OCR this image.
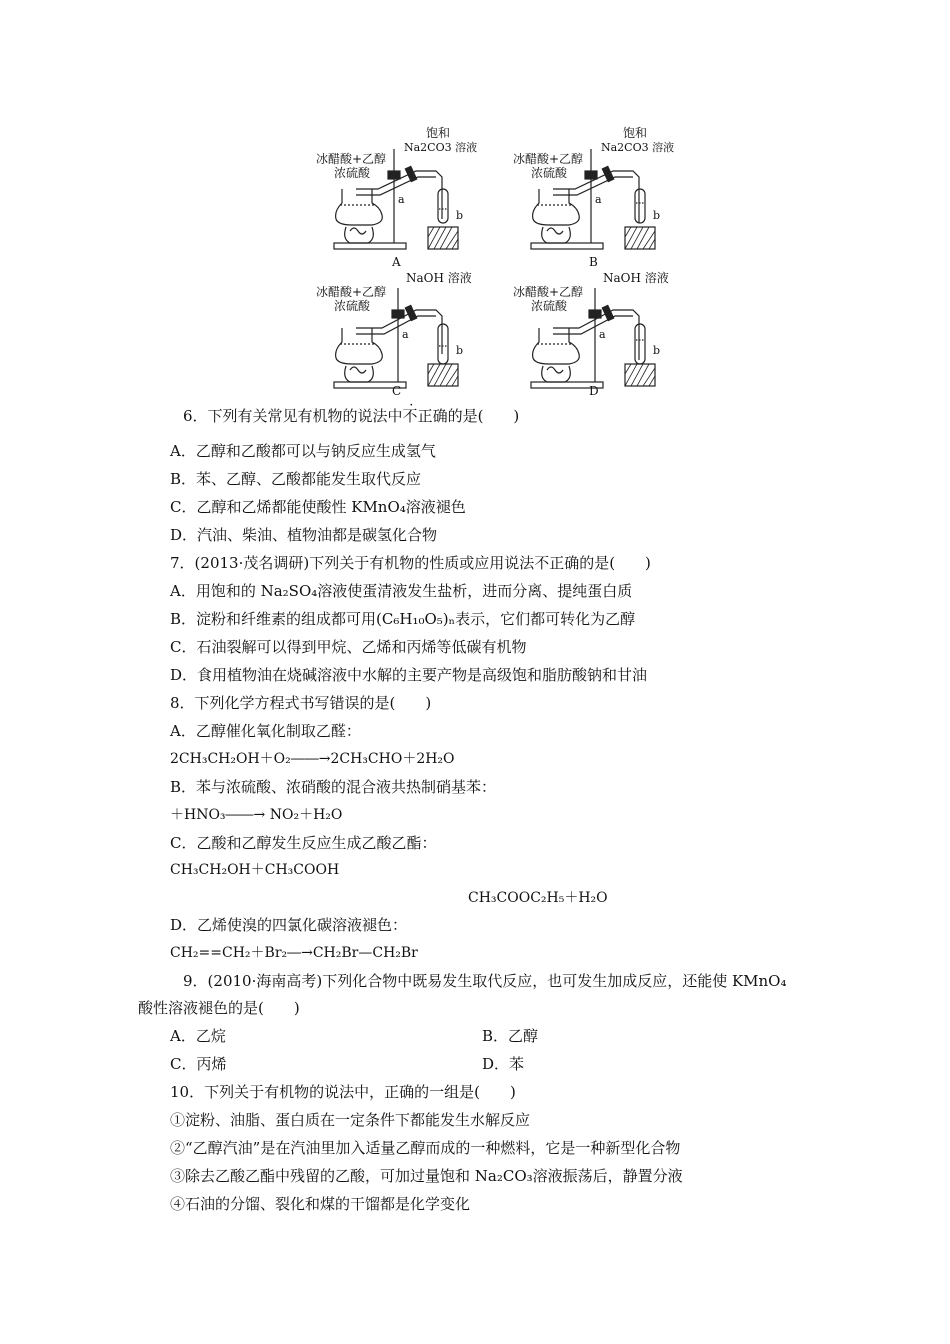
冰醋酸+乙醇
浓硫酸
饱和
Na2CO3 溶液
a
b
A
冰醋酸+乙醇
浓硫酸
饱和
Na2CO3 溶液
a
b
B
冰醋酸+乙醇
浓硫酸
NaOH 溶液
a
b
C
冰醋酸+乙醇
浓硫酸
NaOH 溶液
a
b
D
6．下列有关常见有机物的说法中不正确的是(　　)
A．乙醇和乙酸都可以与钠反应生成氢气
B．苯、乙醇、乙酸都能发生取代反应
C．乙醇和乙烯都能使酸性 KMnO₄溶液褪色
D．汽油、柴油、植物油都是碳氢化合物
7．(2013·茂名调研)下列关于有机物的性质或应用说法不正确的是(　　)
A．用饱和的 Na₂SO₄溶液使蛋清液发生盐析，进而分离、提纯蛋白质
B．淀粉和纤维素的组成都可用(C₆H₁₀O₅)ₙ表示，它们都可转化为乙醇
C．石油裂解可以得到甲烷、乙烯和丙烯等低碳有机物
D．食用植物油在烧碱溶液中水解的主要产物是高级饱和脂肪酸钠和甘油
8．下列化学方程式书写错误的是(　　)
A．乙醇催化氧化制取乙醛：
2CH₃CH₂OH＋O₂――→2CH₃CHO＋2H₂O
B．苯与浓硫酸、浓硝酸的混合液共热制硝基苯：
＋HNO₃――→ NO₂＋H₂O
C．乙酸和乙醇发生反应生成乙酸乙酯：
CH₃CH₂OH＋CH₃COOH
CH₃COOC₂H₅＋H₂O
D．乙烯使溴的四氯化碳溶液褪色：
CH₂==CH₂＋Br₂―→CH₂Br—CH₂Br
9．(2010·海南高考)下列化合物中既易发生取代反应，也可发生加成反应，还能使 KMnO₄
酸性溶液褪色的是(　　)
A．乙烷	B．乙醇
C．丙烯	D．苯
10．下列关于有机物的说法中，正确的一组是(　　)
①淀粉、油脂、蛋白质在一定条件下都能发生水解反应
②“乙醇汽油”是在汽油里加入适量乙醇而成的一种燃料，它是一种新型化合物
③除去乙酸乙酯中残留的乙酸，可加过量饱和 Na₂CO₃溶液振荡后，静置分液
④石油的分馏、裂化和煤的干馏都是化学变化
